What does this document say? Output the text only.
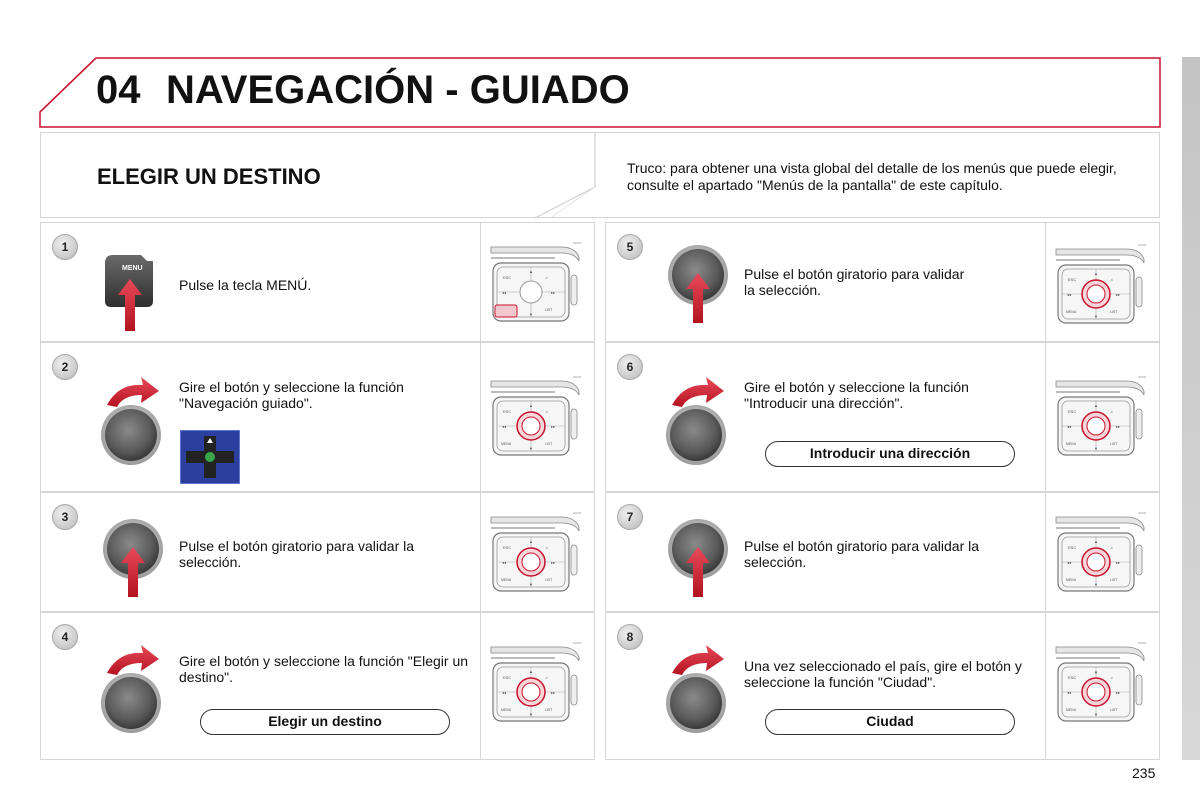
04 NAVEGACIÓN - GUIADO
ELEGIR UN DESTINO	Truco: para obtener una vista global del detalle de los menús que puede elegir, consulte el apartado "Menús de la pantalla" de este capítulo.
1
MENU
Pulse la tecla MENÚ.
2
Gire el botón y seleccione la función "Navegación guiado".
3
Pulse el botón giratorio para validar la selección.
4
Gire el botón y seleccione la función "Elegir un destino".
Elegir un destino
5
Pulse el botón giratorio para validar
la selección.
6
Gire el botón y seleccione la función "Introducir una dirección".
Introducir una dirección
7
Pulse el botón giratorio para validar la selección.
8
Una vez seleccionado el país, gire el botón y seleccione la función "Ciudad".
Ciudad
235
